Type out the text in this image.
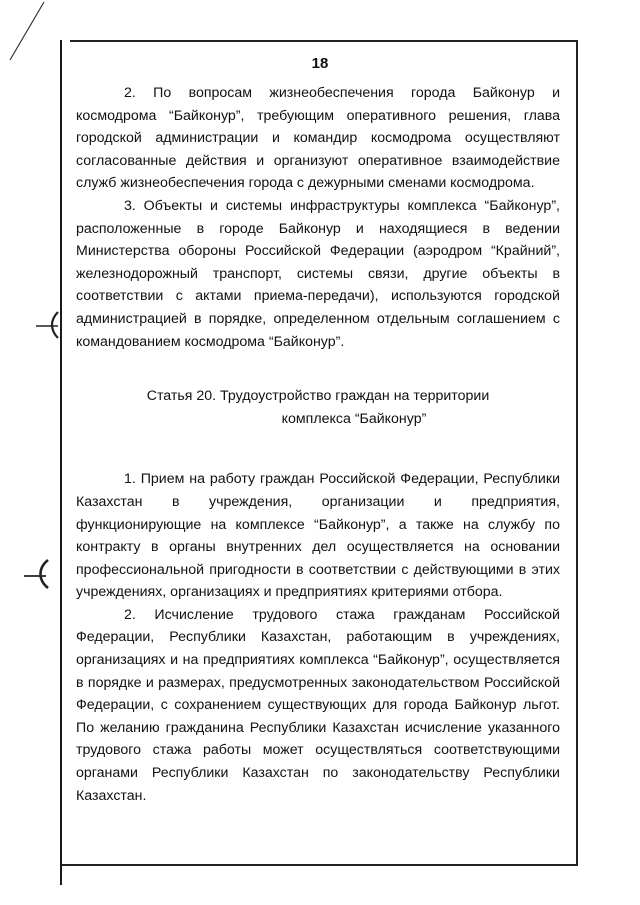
18

2. По вопросам жизнеобеспечения города Байконур и космодрома “Байконур”, требующим оперативного решения, глава городской администрации и командир космодрома осуществляют согласованные действия и организуют оперативное взаимодействие служб жизнеобеспечения города с дежурными сменами космодрома.

3. Объекты и системы инфраструктуры комплекса “Байконур”, расположенные в городе Байконур и находящиеся в ведении Министерства обороны Российской Федерации (аэродром “Крайний”, железнодорожный транспорт, системы связи, другие объекты в соответствии с актами приема-передачи), используются городской администрацией в порядке, определенном отдельным соглашением с командованием космодрома “Байконур”.

Статья 20. Трудоустройство граждан на территории
комплекса “Байконур”

1. Прием на работу граждан Российской Федерации, Республики Казахстан в учреждения, организации и предприятия, функционирующие на комплексе “Байконур”, а также на службу по контракту в органы внутренних дел осуществляется на основании профессиональной пригодности в соответствии с действующими в этих учреждениях, организациях и предприятиях критериями отбора.

2. Исчисление трудового стажа гражданам Российской Федерации, Республики Казахстан, работающим в учреждениях, организациях и на предприятиях комплекса “Байконур”, осуществляется в порядке и размерах, предусмотренных законодательством Российской Федерации, с сохранением существующих для города Байконур льгот. По желанию гражданина Республики Казахстан исчисление указанного трудового стажа работы может осуществляться соответствующими органами Республики Казахстан по законодательству Республики Казахстан.
